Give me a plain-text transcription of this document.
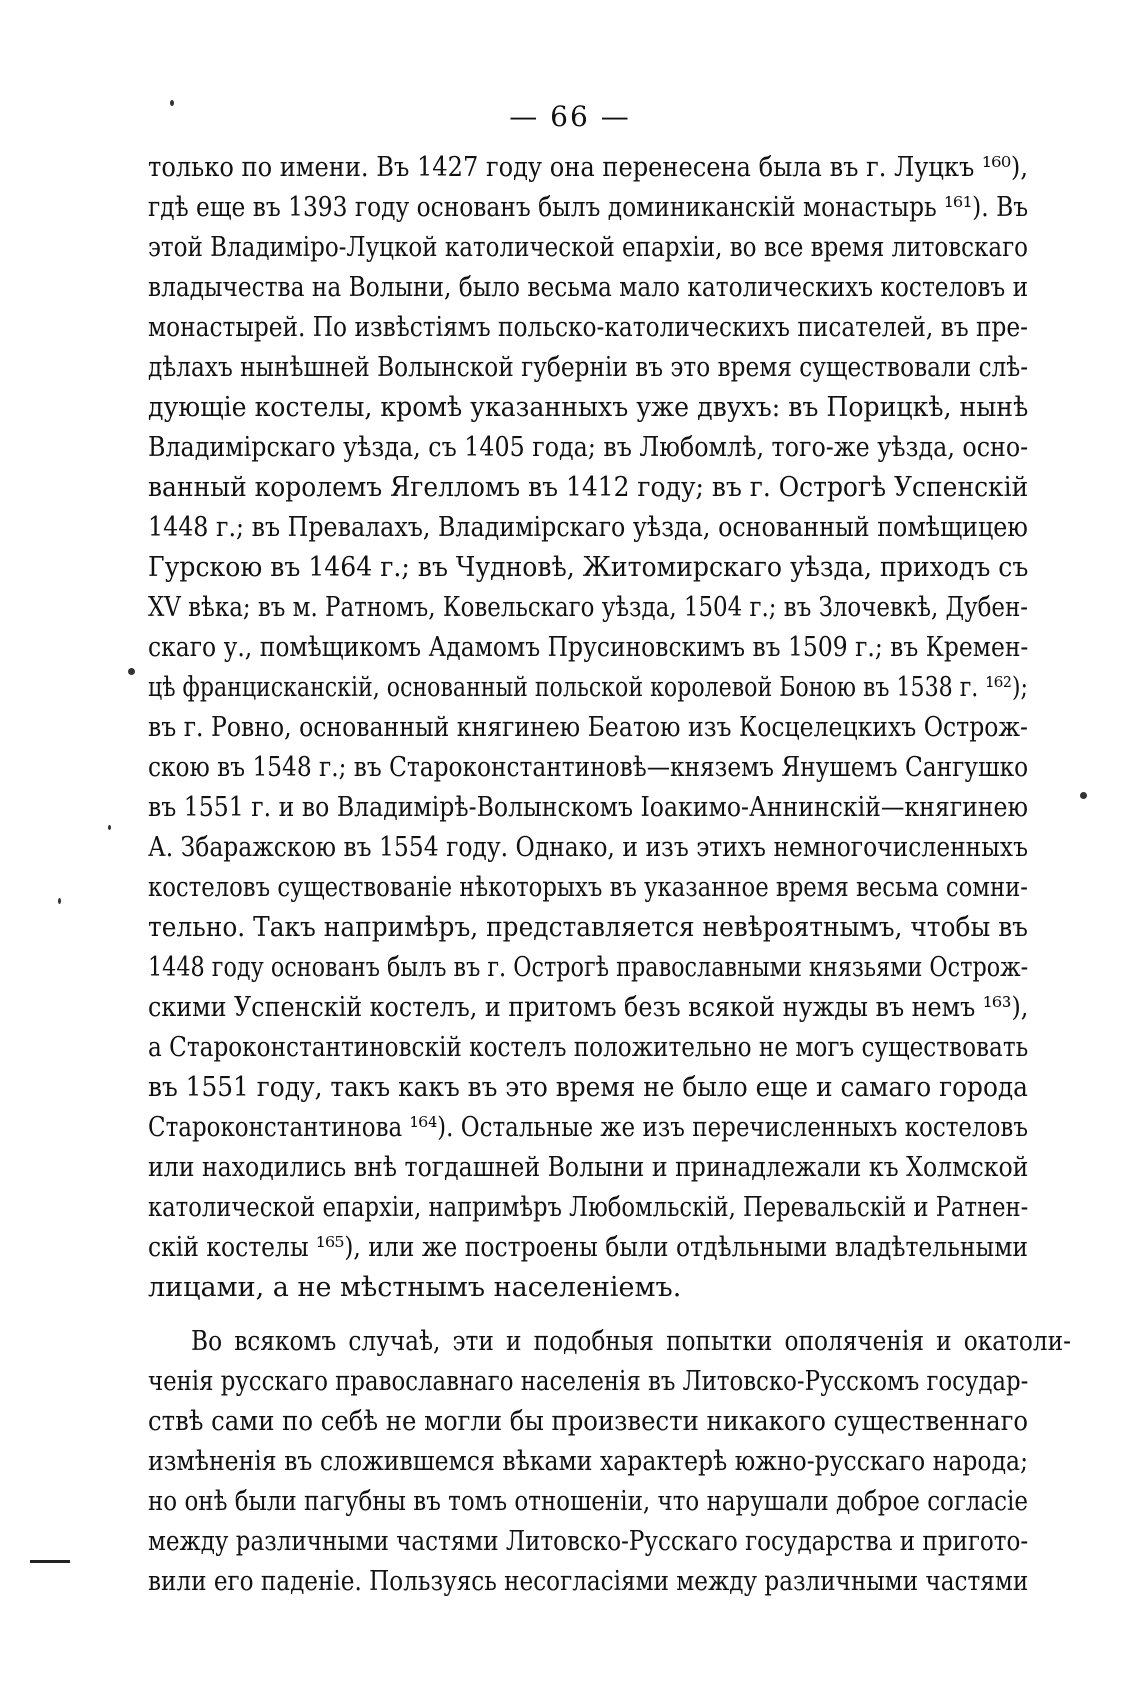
— 66 —
только по имени. Въ 1427 году она перенесена была въ г. Луцкъ ¹⁶⁰),
гдѣ еще въ 1393 году основанъ былъ доминиканскій монастырь ¹⁶¹). Въ
этой Владиміро-Луцкой католической епархіи, во все время литовскаго
владычества на Волыни, было весьма мало католическихъ костеловъ и
монастырей. По извѣстіямъ польско-католическихъ писателей, въ пре-
дѣлахъ нынѣшней Волынской губерніи въ это время существовали слѣ-
дующіе костелы, кромѣ указанныхъ уже двухъ: въ Порицкѣ, нынѣ
Владимірскаго уѣзда, съ 1405 года; въ Любомлѣ, того-же уѣзда, осно-
ванный королемъ Ягелломъ въ 1412 году; въ г. Острогѣ Успенскій
1448 г.; въ Превалахъ, Владимірскаго уѣзда, основанный помѣщицею
Гурскою въ 1464 г.; въ Чудновѣ, Житомирскаго уѣзда, приходъ съ
XV вѣка; въ м. Ратномъ, Ковельскаго уѣзда, 1504 г.; въ Злочевкѣ, Дубен-
скаго у., помѣщикомъ Адамомъ Прусиновскимъ въ 1509 г.; въ Кремен-
цѣ францисканскій, основанный польской королевой Боною въ 1538 г. ¹⁶²);
въ г. Ровно, основанный княгинею Беатою изъ Косцелецкихъ Острож-
скою въ 1548 г.; въ Староконстантиновѣ—княземъ Янушемъ Сангушко
въ 1551 г. и во Владимірѣ-Волынскомъ Іоакимо-Аннинскій—княгинею
А. Збаражскою въ 1554 году. Однако, и изъ этихъ немногочисленныхъ
костеловъ существованіе нѣкоторыхъ въ указанное время весьма сомни-
тельно. Такъ напримѣръ, представляется невѣроятнымъ, чтобы въ
1448 году основанъ былъ въ г. Острогѣ православными князьями Острож-
скими Успенскій костелъ, и притомъ безъ всякой нужды въ немъ ¹⁶³),
а Староконстантиновскій костелъ положительно не могъ существовать
въ 1551 году, такъ какъ въ это время не было еще и самаго города
Староконстантинова ¹⁶⁴). Остальные же изъ перечисленныхъ костеловъ
или находились внѣ тогдашней Волыни и принадлежали къ Холмской
католической епархіи, напримѣръ Любомльскій, Перевальскій и Ратнен-
скій костелы ¹⁶⁵), или же построены были отдѣльными владѣтельными
лицами, а не мѣстнымъ населеніемъ.
Во всякомъ случаѣ, эти и подобныя попытки ополяченія и окатоли-
ченія русскаго православнаго населенія въ Литовско-Русскомъ государ-
ствѣ сами по себѣ не могли бы произвести никакого существеннаго
измѣненія въ сложившемся вѣками характерѣ южно-русскаго народа;
но онѣ были пагубны въ томъ отношеніи, что нарушали доброе согласіе
между различными частями Литовско-Русскаго государства и пригото-
вили его паденіе. Пользуясь несогласіями между различными частями
